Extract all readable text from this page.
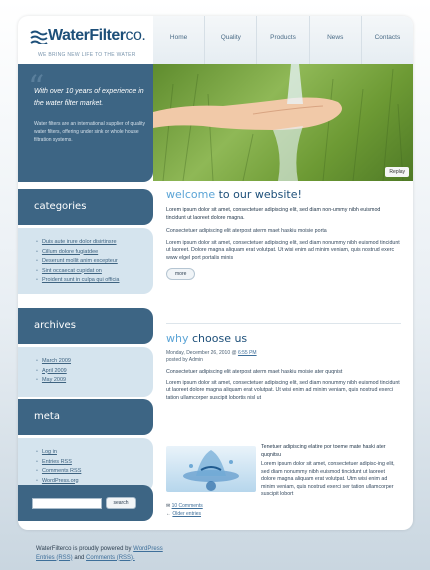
WaterFilterco.
WE BRING NEW LIFE TO THE WATER
Home	Quality	Products	News	Contacts
“
With over 10 years of experience in the water filter market.
Water filters are an international supplier of quality water filters, offering under sink or whole house filtration systems.
categories
• Duis aute irure dolor disirtinsre
• Cillum dolore fugiatdee
• Deserunt mollit anim excepteur
• Sint occaecat cupidat on
• Proident sunt in culpa qui officia
archives
• March 2009
• April 2009
• May 2009
meta
• Log in
• Entries RSS
• Comments RSS
• WordPress.org
search
Replay
welcome to our website!

Lorem ipsum dolor sit amet, consectetuer adipiscing elit, sed diam non-ummy nibh euismod tincidunt ut laoreet dolore magna.

Consectetuer adipiscing elit aterpost aterm maet haskiu moisie porta

Lorem ipsum dolor sit amet, consectetuer adipiscing elit, sed diam nonummy nibh euismod tincidunt ut laoreet. Dolore magna aliquam erat volutpat. Ut wisi enim ad minim veniam, quis nostrud exerc www elgel port portalis minis

more
why choose us
Monday, December 26, 2010 @ 6:55 PM
posted by Admin

Consectetuer adipiscing elit aterpost aterm maet haskiu moisie ater quqnist

Lorem ipsum dolor sit amet, consectetuer adipiscing elit, sed diam nonummy nibh euismod tincidunt ut laoreet dolore magna aliquam erat volutpat. Ut wisi enim ad minim veniam, quis nostrud exerci tation ullamcorper suscipit lobortis nisl ut

Tenetuer adipiscing elatire por toeme mate haski ater quqnitsu

Lorem ipsum dolor sit amet, consectetuer adipisc-ing elit, sed diam nonummy nibh euismod tincidunt ut laoreet dolore magna aliquam erat volutpat. Utm wisi enim ad minim veniam, quis nostrud exerci ser tation ullamcorper suscipit lobort

✉ 10 Comments
← Older entries
WaterFilterco is proudly powered by WordPress
Entries (RSS) and Comments (RSS).
